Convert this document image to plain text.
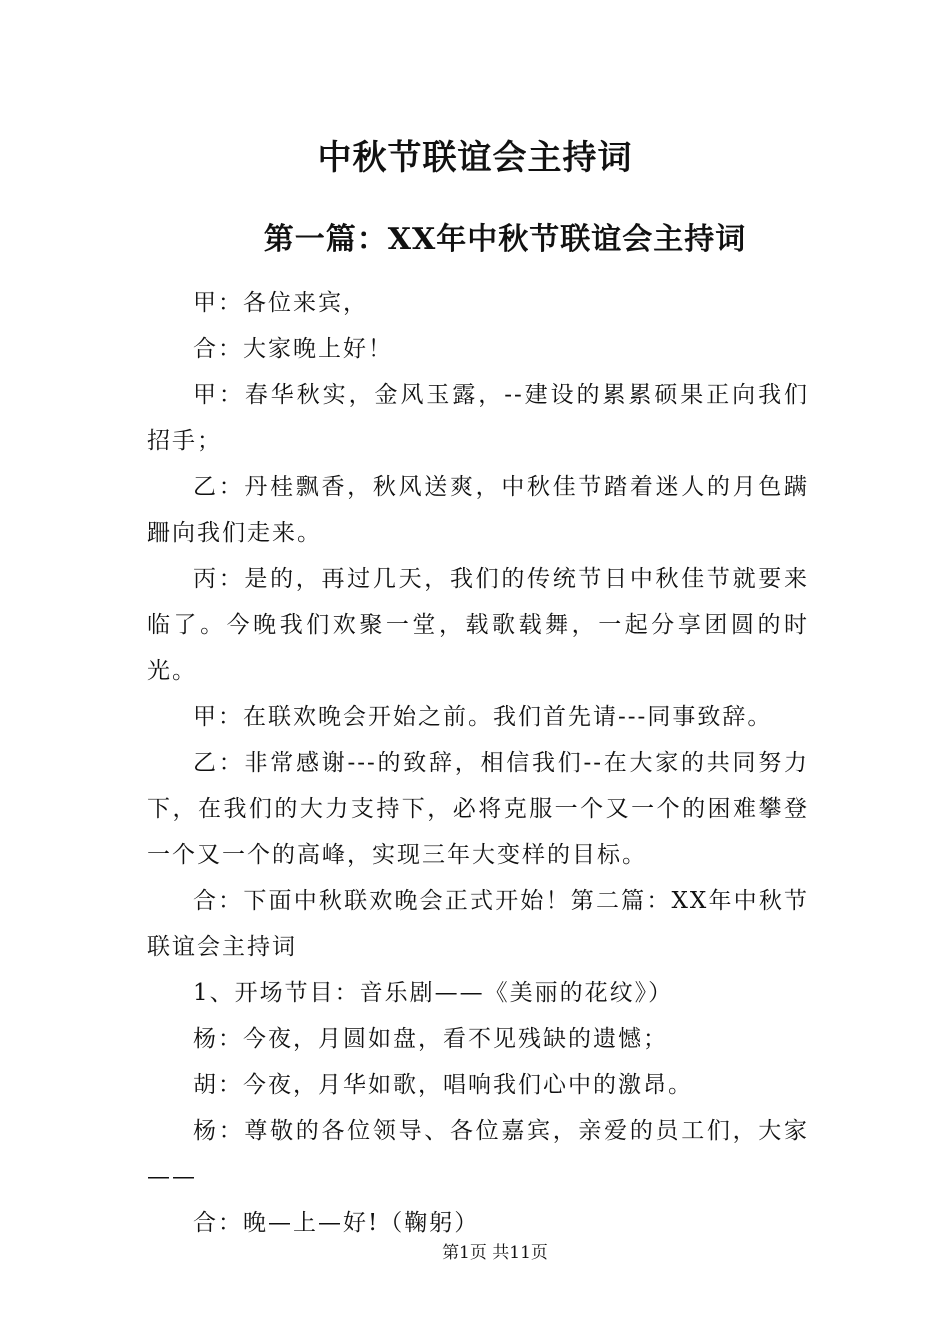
中秋节联谊会主持词
第一篇：XX年中秋节联谊会主持词

甲：各位来宾，

合：大家晚上好！

甲：春华秋实，金风玉露，--建设的累累硕果正向我们招手；

乙：丹桂飘香，秋风送爽，中秋佳节踏着迷人的月色蹒跚向我们走来。

丙：是的，再过几天，我们的传统节日中秋佳节就要来临了。今晚我们欢聚一堂，载歌载舞，一起分享团圆的时光。

甲：在联欢晚会开始之前。我们首先请---同事致辞。

乙：非常感谢---的致辞，相信我们--在大家的共同努力下，在我们的大力支持下，必将克服一个又一个的困难攀登一个又一个的高峰，实现三年大变样的目标。

合：下面中秋联欢晚会正式开始！第二篇：XX年中秋节联谊会主持词

1、开场节目：音乐剧——《美丽的花纹》）

杨：今夜，月圆如盘，看不见残缺的遗憾；

胡：今夜，月华如歌，唱响我们心中的激昂。

杨：尊敬的各位领导、各位嘉宾，亲爱的员工们，大家——

合：晚—上—好!（鞠躬）

第1页 共11页
